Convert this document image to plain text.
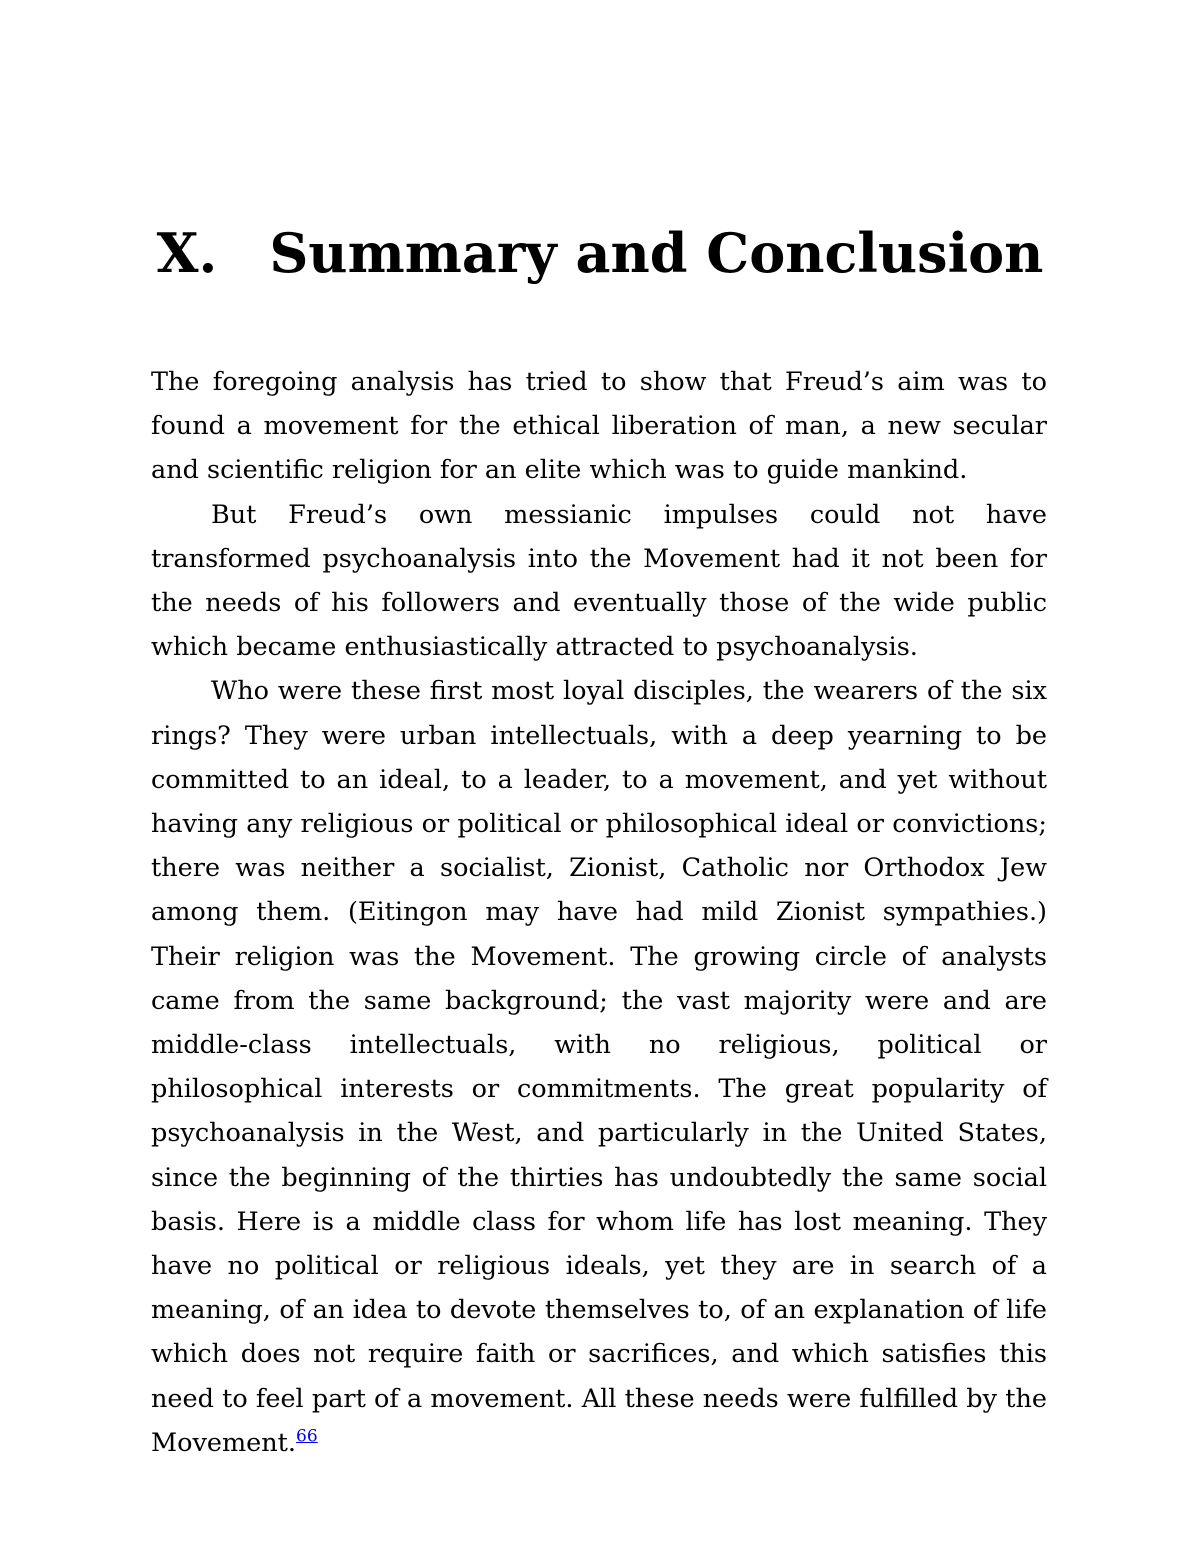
X. Summary and Conclusion

The foregoing analysis has tried to show that Freud’s aim was to found a movement for the ethical liberation of man, a new secular and scientific religion for an elite which was to guide mankind.

But Freud’s own messianic impulses could not have transformed psychoanalysis into the Movement had it not been for the needs of his followers and eventually those of the wide public which became enthusiastically attracted to psychoanalysis.

Who were these first most loyal disciples, the wearers of the six rings? They were urban intellectuals, with a deep yearning to be committed to an ideal, to a leader, to a movement, and yet without having any religious or political or philosophical ideal or convictions; there was neither a socialist, Zionist, Catholic nor Orthodox Jew among them. (Eitingon may have had mild Zionist sympathies.) Their religion was the Movement. The growing circle of analysts came from the same background; the vast majority were and are middle-class intellectuals, with no religious, political or philosophical interests or commitments. The great popularity of psychoanalysis in the West, and particularly in the United States, since the beginning of the thirties has undoubtedly the same social basis. Here is a middle class for whom life has lost meaning. They have no political or religious ideals, yet they are in search of a meaning, of an idea to devote themselves to, of an explanation of life which does not require faith or sacrifices, and which satisfies this need to feel part of a movement. All these needs were fulfilled by the Movement.$^{66}$
